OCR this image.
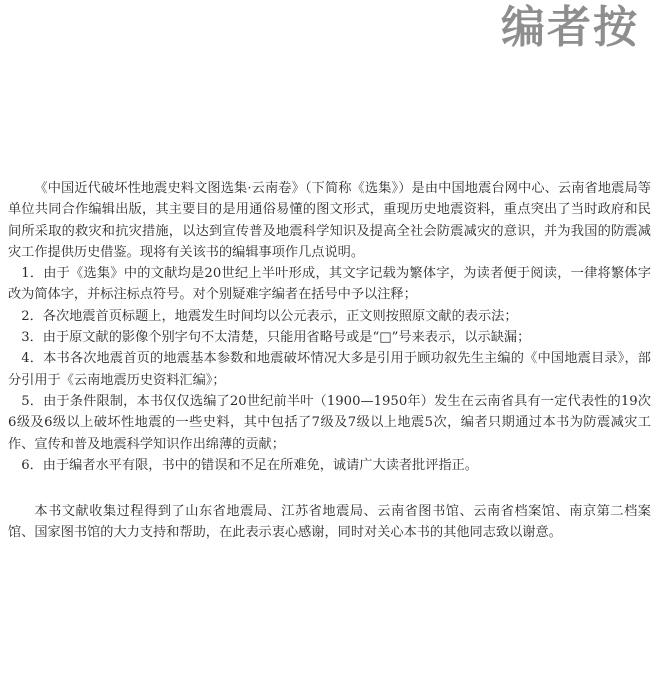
编者按

《中国近代破坏性地震史料文图选集·云南卷》（下简称《选集》）是由中国地震台网中心、云南省地震局等单位共同合作编辑出版，其主要目的是用通俗易懂的图文形式，重现历史地震资料，重点突出了当时政府和民间所采取的救灾和抗灾措施，以达到宣传普及地震科学知识及提高全社会防震减灾的意识，并为我国的防震减灾工作提供历史借鉴。现将有关该书的编辑事项作几点说明。

1．由于《选集》中的文献均是20世纪上半叶形成，其文字记载为繁体字，为读者便于阅读，一律将繁体字改为简体字，并标注标点符号。对个别疑难字编者在括号中予以注释；

2．各次地震首页标题上，地震发生时间均以公元表示，正文则按照原文献的表示法；

3．由于原文献的影像个别字句不太清楚，只能用省略号或是“□”号来表示，以示缺漏；

4．本书各次地震首页的地震基本参数和地震破坏情况大多是引用于顾功叙先生主编的《中国地震目录》，部分引用于《云南地震历史资料汇编》；

5．由于条件限制，本书仅仅选编了20世纪前半叶（1900—1950年）发生在云南省具有一定代表性的19次6级及6级以上破坏性地震的一些史料，其中包括了7级及7级以上地震5次，编者只期通过本书为防震减灾工作、宣传和普及地震科学知识作出绵薄的贡献；

6．由于编者水平有限，书中的错误和不足在所难免，诚请广大读者批评指正。

本书文献收集过程得到了山东省地震局、江苏省地震局、云南省图书馆、云南省档案馆、南京第二档案馆、国家图书馆的大力支持和帮助，在此表示衷心感谢，同时对关心本书的其他同志致以谢意。
